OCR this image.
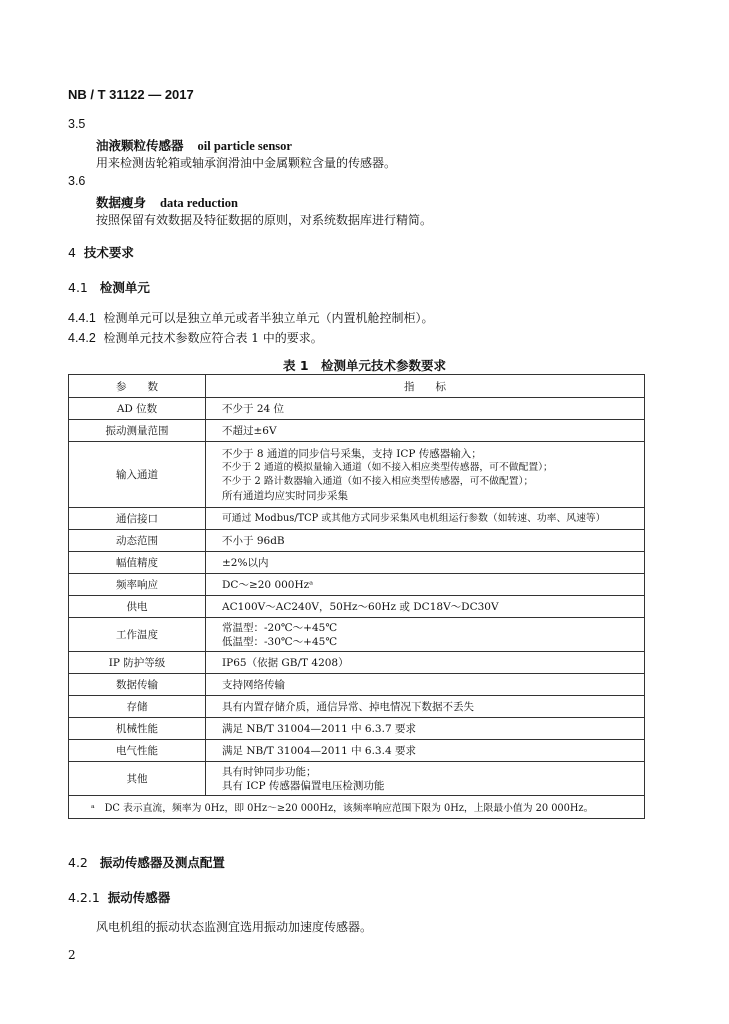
NB / T 31122 — 2017
3.5
油液颗粒传感器 oil particle sensor
用来检测齿轮箱或轴承润滑油中金属颗粒含量的传感器。
3.6
数据瘦身 data reduction
按照保留有效数据及特征数据的原则，对系统数据库进行精简。
4 技术要求
4.1 检测单元
4.4.1 检测单元可以是独立单元或者半独立单元（内置机舱控制柜）。
4.4.2 检测单元技术参数应符合表 1 中的要求。
表 1　检测单元技术参数要求
参　　数	指　　标
AD 位数	不少于 24 位
振动测量范围	不超过±6V
输入通道	不少于 8 通道的同步信号采集，支持 ICP 传感器输入；
不少于 2 通道的模拟量输入通道（如不接入相应类型传感器，可不做配置）；
不少于 2 路计数器输入通道（如不接入相应类型传感器，可不做配置）；
所有通道均应实时同步采集

通信接口	可通过 Modbus/TCP 或其他方式同步采集风电机组运行参数（如转速、功率、风速等）
动态范围	不小于 96dB
幅值精度	±2%以内
频率响应	DC～≥20 000Hzᵃ
供电	AC100V～AC240V，50Hz～60Hz 或 DC18V～DC30V
工作温度	常温型：-20℃～+45℃
低温型：-30℃～+45℃

IP 防护等级	IP65（依据 GB/T 4208）
数据传输	支持网络传输
存储	具有内置存储介质，通信异常、掉电情况下数据不丢失
机械性能	满足 NB/T 31004—2011 中 6.3.7 要求
电气性能	满足 NB/T 31004—2011 中 6.3.4 要求
其他	具有时钟同步功能；
具有 ICP 传感器偏置电压检测功能

ᵃ　DC 表示直流，频率为 0Hz，即 0Hz～≥20 000Hz，该频率响应范围下限为 0Hz，上限最小值为 20 000Hz。	
4.2 振动传感器及测点配置
4.2.1 振动传感器
风电机组的振动状态监测宜选用振动加速度传感器。
2
